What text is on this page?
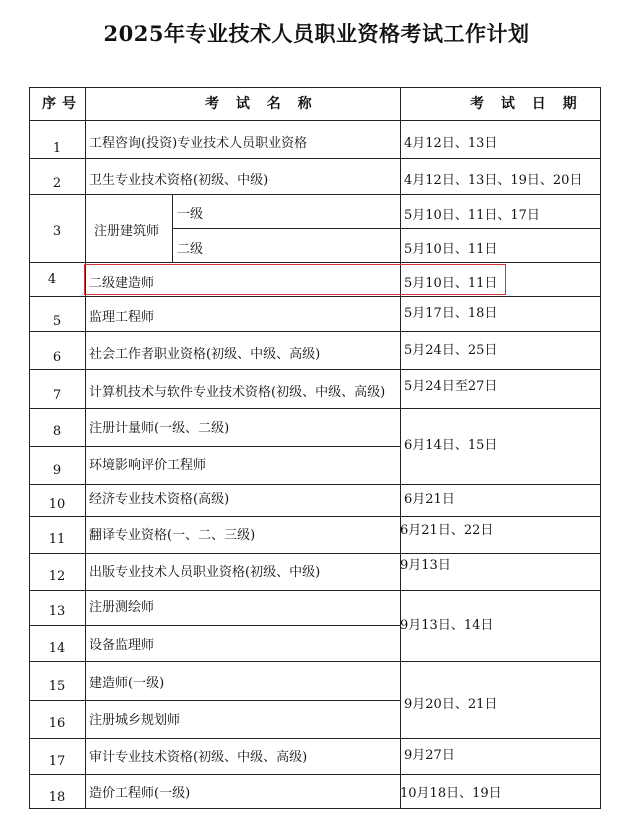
2025年专业技术人员职业资格考试工作计划
序号	考 试 名 称	考 试 日 期
1	工程咨询(投资)专业技术人员职业资格	4月12日、13日
2	卫生专业技术资格(初级、中级)	4月12日、13日、19日、20日
3	注册建筑师
一级	5月10日、11日、17日
二级	5月10日、11日
4	二级建造师	5月10日、11日
5	监理工程师	5月17日、18日
6	社会工作者职业资格(初级、中级、高级)	5月24日、25日
7	计算机技术与软件专业技术资格(初级、中级、高级) 5月24日至27日
8	注册计量师(一级、二级)
9	环境影响评价工程师
6月14日、15日
10	经济专业技术资格(高级)	6月21日
11	翻译专业资格(一、二、三级)	6月21日、22日
12	出版专业技术人员职业资格(初级、中级)	9月13日
13	注册测绘师
14	设备监理师
9月13日、14日
15	建造师(一级)
16	注册城乡规划师
9月20日、21日
17	审计专业技术资格(初级、中级、高级)	9月27日
18	造价工程师(一级)	10月18日、19日
